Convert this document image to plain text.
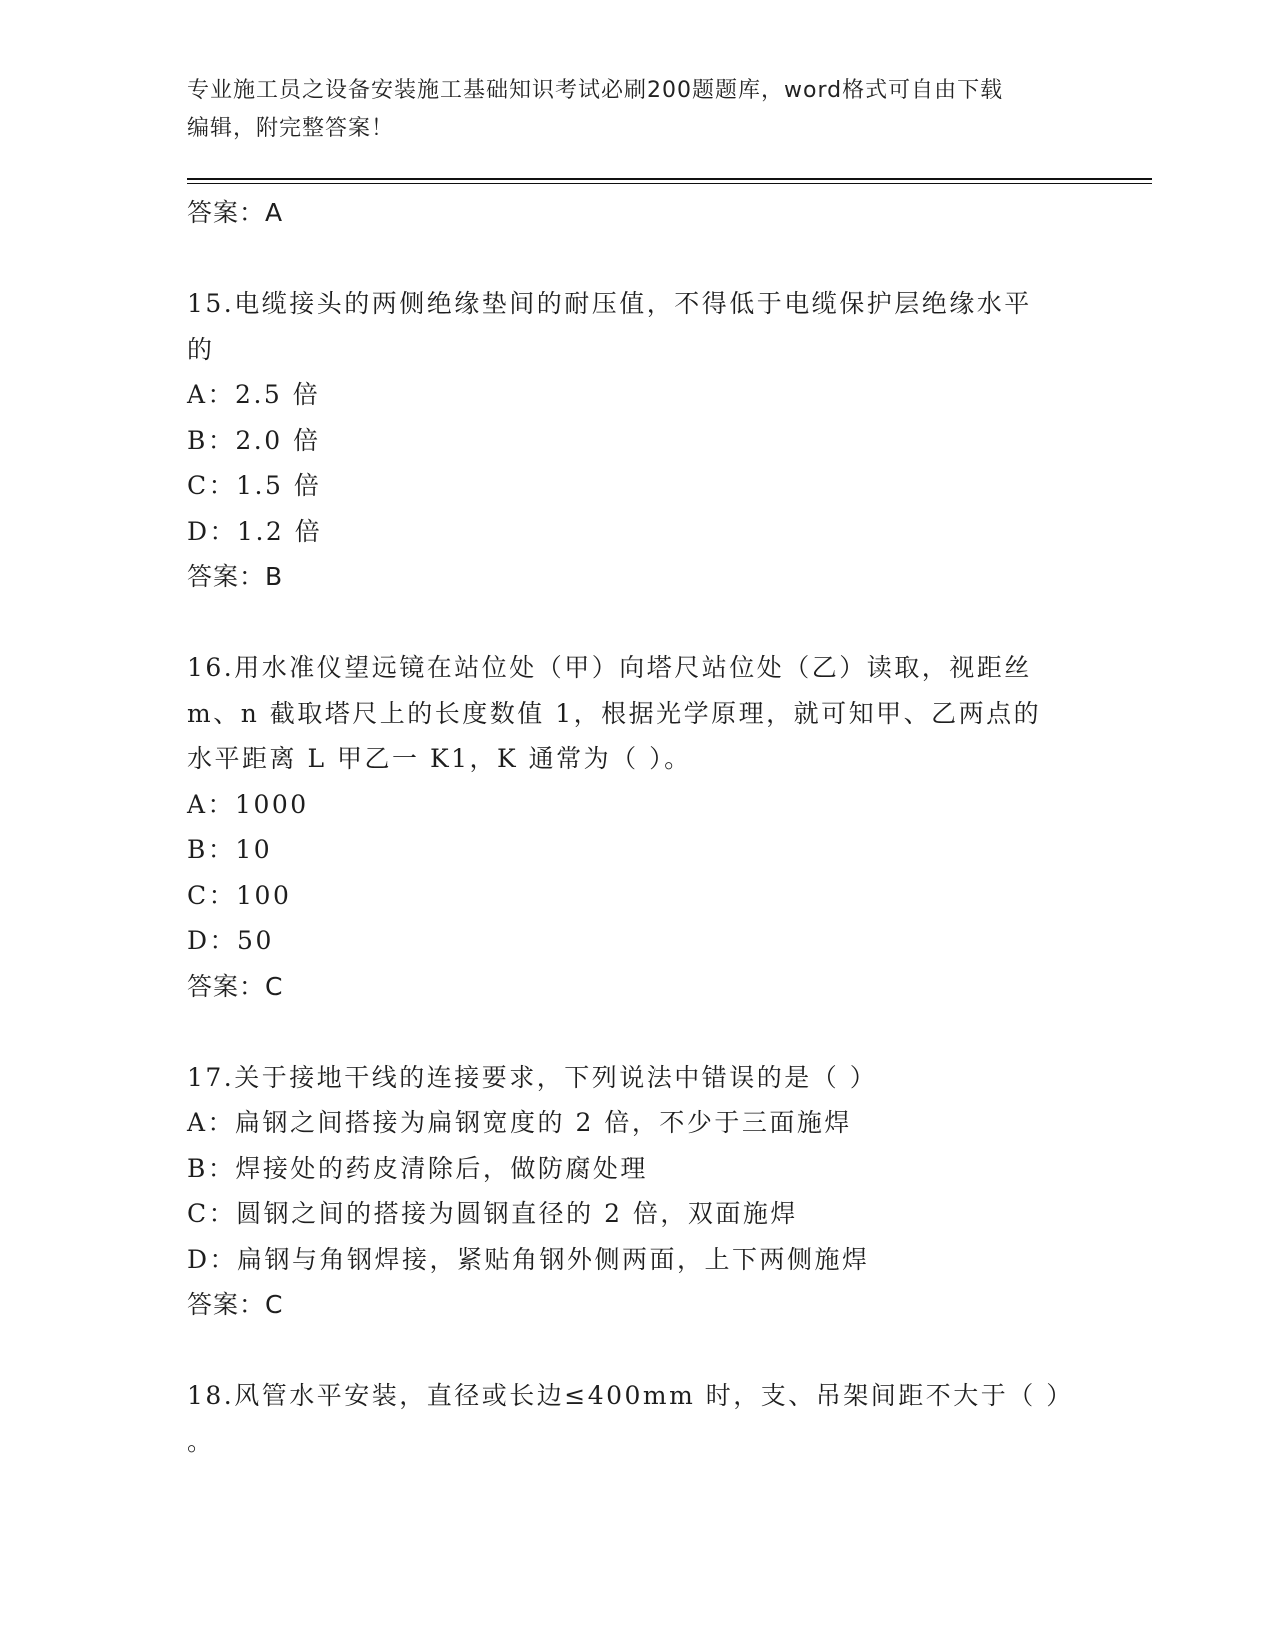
专业施工员之设备安装施工基础知识考试必刷200题题库，word格式可自由下载
编辑，附完整答案！
答案：A
15.电缆接头的两侧绝缘垫间的耐压值，不得低于电缆保护层绝缘水平
的
A：2.5 倍
B：2.0 倍
C：1.5 倍
D：1.2 倍
答案：B
16.用水准仪望远镜在站位处（甲）向塔尺站位处（乙）读取，视距丝
m、n 截取塔尺上的长度数值 1，根据光学原理，就可知甲、乙两点的
水平距离 L 甲乙一 K1，K 通常为（ ）。
A：1000
B：10
C：100
D：50
答案：C
17.关于接地干线的连接要求，下列说法中错误的是（ ）
A：扁钢之间搭接为扁钢宽度的 2 倍，不少于三面施焊
B：焊接处的药皮清除后，做防腐处理
C：圆钢之间的搭接为圆钢直径的 2 倍，双面施焊
D：扁钢与角钢焊接，紧贴角钢外侧两面，上下两侧施焊
答案：C
18.风管水平安装，直径或长边≤400mm 时，支、吊架间距不大于（ ）
。
